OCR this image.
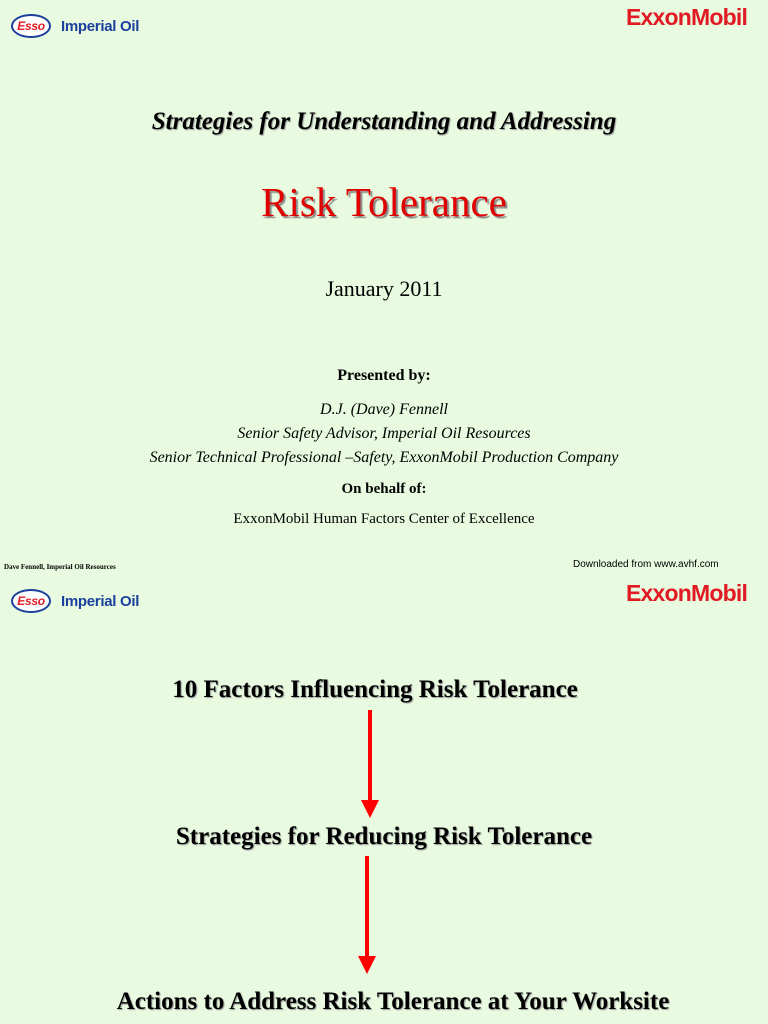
Esso Imperial Oil	ExxonMobil
Strategies for Understanding and Addressing
Risk Tolerance
January 2011
Presented by:
D.J. (Dave) Fennell
Senior Safety Advisor, Imperial Oil Resources
Senior Technical Professional –Safety, ExxonMobil Production Company
On behalf of:
ExxonMobil Human Factors Center of Excellence
Dave Fennell, Imperial Oil Resources	Downloaded from www.avhf.com
Esso Imperial Oil	ExxonMobil
10 Factors Influencing Risk Tolerance
Strategies for Reducing Risk Tolerance
Actions to Address Risk Tolerance at Your Worksite
